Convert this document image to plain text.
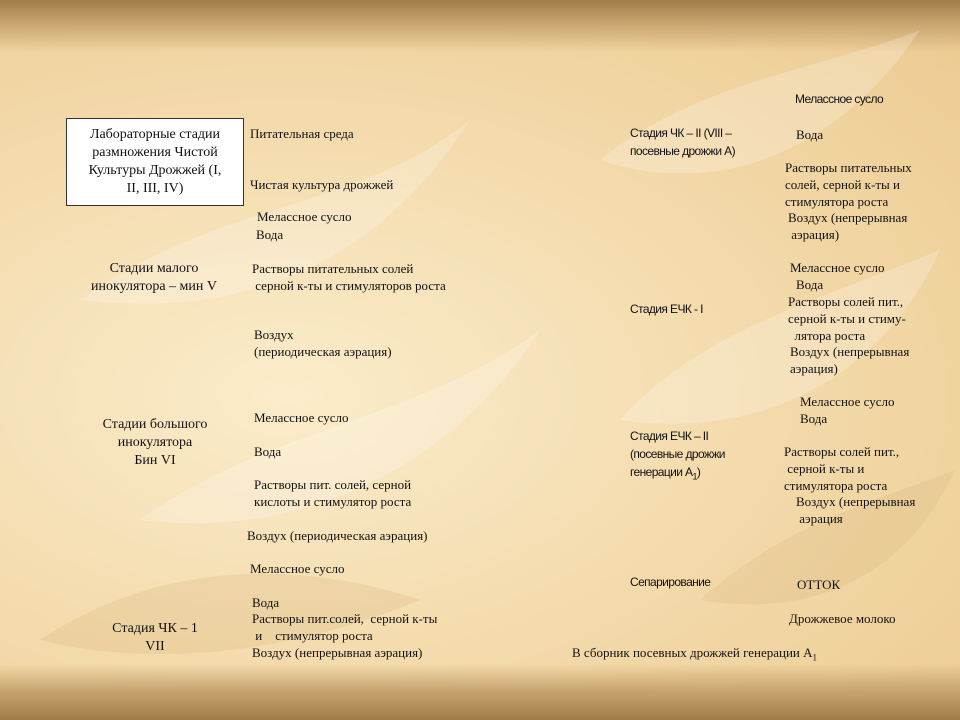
Лабораторные стадии
размножения Чистой
Культуры Дрожжей (I,
II, III, IV)
Питательная среда
Чистая культура дрожжей
Стадии малого
инокулятора – мин V
Мелассное сусло
Вода
Растворы питательных солей
серной к-ты и стимуляторов роста
Воздух
(периодическая аэрация)
Стадии большого
инокулятора
Бин VI
Мелассное сусло
Вода
Растворы пит. солей, серной
кислоты и стимулятор роста
Воздух (периодическая аэрация)
Стадия ЧК – 1
VII
Мелассное сусло
Вода
Растворы пит.солей,  серной к-ты
и    стимулятор роста
Воздух (непрерывная аэрация)
Стадия ЧК – II (VIII –
посевные дрожжи А)
Мелассное сусло
Вода
Растворы питательных
солей, серной к-ты и
стимулятора роста
Воздух (непрерывная
аэрация)
Стадия ЕЧК - I
Мелассное сусло
Вода
Растворы солей пит.,
серной к-ты и стиму-
лятора роста
Воздух (непрерывная
аэрация)
Стадия ЕЧК – II
(посевные дрожжи
генерации $А_1$)
Мелассное сусло
Вода
Растворы солей пит.,
серной к-ты и
стимулятора роста
Воздух (непрерывная
аэрация
Сепарирование	ОТТОК
Дрожжевое молоко
В сборник посевных дрожжей генерации $А_1$
